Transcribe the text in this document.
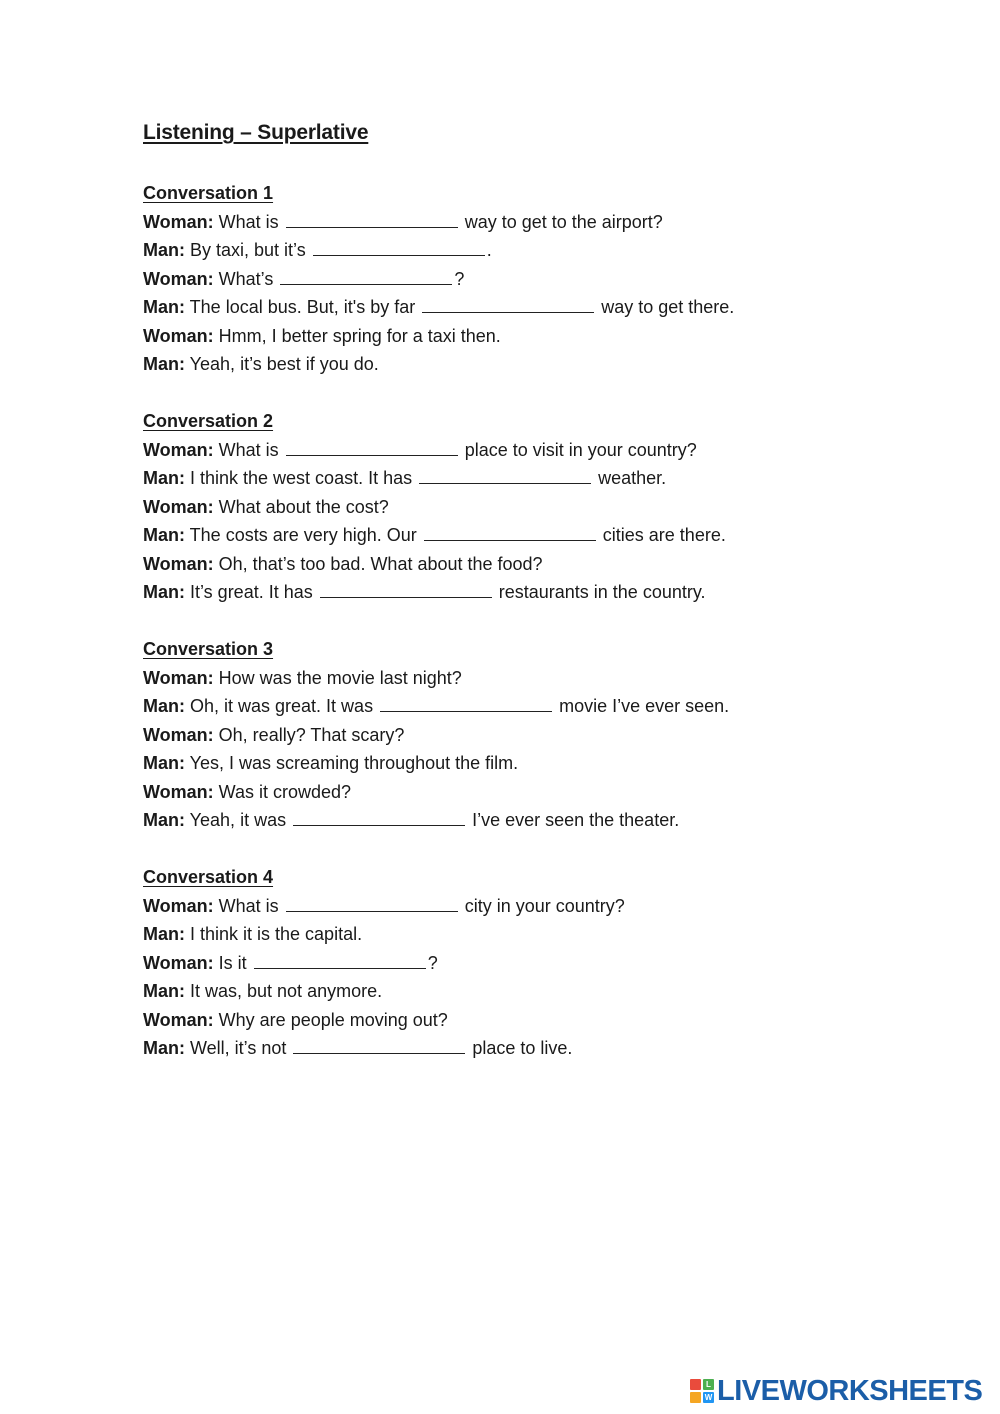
Listening – Superlative
Conversation 1
Woman: What is	way to get to the airport?
Man: By taxi, but it’s	.
Woman: What’s	?
Man: The local bus. But, it's by far	way to get there.
Woman: Hmm, I better spring for a taxi then.
Man: Yeah, it’s best if you do.
Conversation 2
Woman: What is	place to visit in your country?
Man: I think the west coast. It has	weather.
Woman: What about the cost?
Man: The costs are very high. Our	cities are there.
Woman: Oh, that’s too bad. What about the food?
Man: It’s great. It has	restaurants in the country.
Conversation 3
Woman: How was the movie last night?
Man: Oh, it was great. It was	movie I’ve ever seen.
Woman: Oh, really? That scary?
Man: Yes, I was screaming throughout the film.
Woman: Was it crowded?
Man: Yeah, it was	I’ve ever seen the theater.
Conversation 4
Woman: What is	city in your country?
Man: I think it is the capital.
Woman: Is it	?
Man: It was, but not anymore.
Woman: Why are people moving out?
Man: Well, it’s not	place to live.
L
W LIVEWORKSHEETS
